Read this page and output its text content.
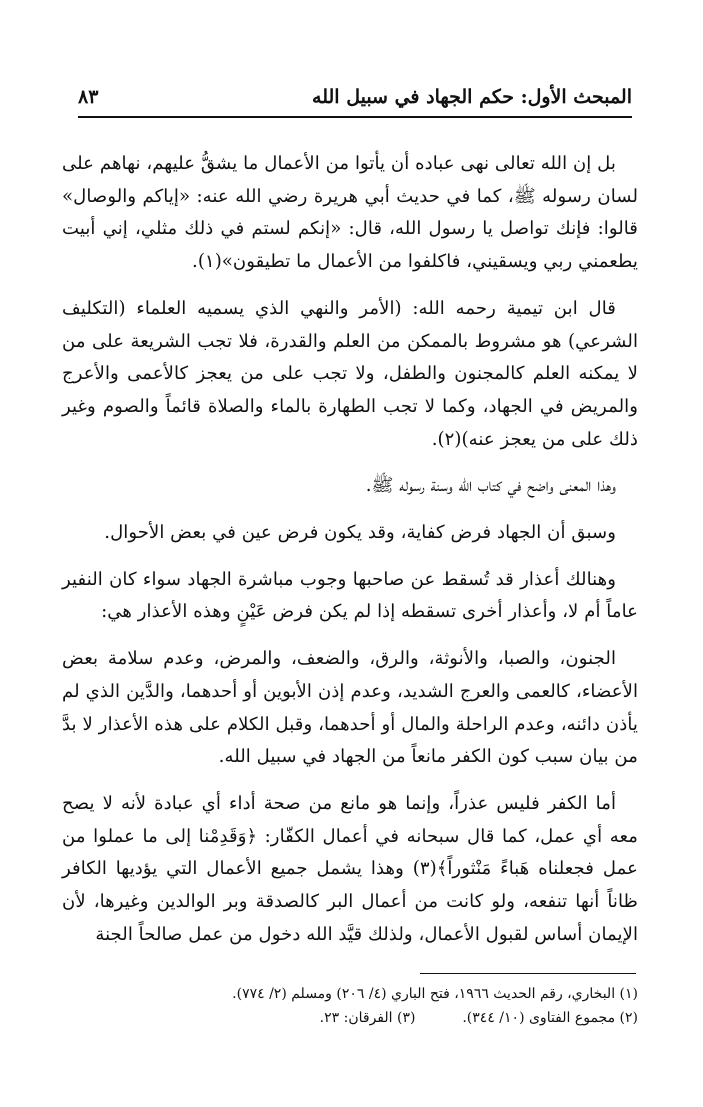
المبحث الأول: حكم الجهاد في سبيل الله
٨٣

بل إن الله تعالى نهى عباده أن يأتوا من الأعمال ما يشقُّ عليهم، نهاهم على لسان رسوله ﷺ، كما في حديث أبي هريرة رضي الله عنه: «إياكم والوصال» قالوا: فإنك تواصل يا رسول الله، قال: «إنكم لستم في ذلك مثلي، إني أبيت يطعمني ربي ويسقيني، فاكلفوا من الأعمال ما تطيقون»(١).

قال ابن تيمية رحمه الله: (الأمر والنهي الذي يسميه العلماء (التكليف الشرعي) هو مشروط بالممكن من العلم والقدرة، فلا تجب الشريعة على من لا يمكنه العلم كالمجنون والطفل، ولا تجب على من يعجز كالأعمى والأعرج والمريض في الجهاد، وكما لا تجب الطهارة بالماء والصلاة قائماً والصوم وغير ذلك على من يعجز عنه)(٢).

وهذا المعنى واضح في كتاب الله وسنة رسوله ﷺ.

وسبق أن الجهاد فرض كفاية، وقد يكون فرض عين في بعض الأحوال.

وهنالك أعذار قد تُسقط عن صاحبها وجوب مباشرة الجهاد سواء كان النفير عاماً أم لا، وأعذار أخرى تسقطه إذا لم يكن فرض عَيْنٍ وهذه الأعذار هي:

الجنون، والصبا، والأنوثة، والرق، والضعف، والمرض، وعدم سلامة بعض الأعضاء، كالعمى والعرج الشديد، وعدم إذن الأبوين أو أحدهما، والدَّين الذي لم يأذن دائنه، وعدم الراحلة والمال أو أحدهما، وقبل الكلام على هذه الأعذار لا بدَّ من بيان سبب كون الكفر مانعاً من الجهاد في سبيل الله.

أما الكفر فليس عذراً، وإنما هو مانع من صحة أداء أي عبادة لأنه لا يصح معه أي عمل، كما قال سبحانه في أعمال الكفّار: ﴿وَقَدِمْنا إلى ما عملوا من عمل فجعلناه هَباءً مَنْثوراً﴾(٣) وهذا يشمل جميع الأعمال التي يؤديها الكافر ظاناً أنها تنفعه، ولو كانت من أعمال البر كالصدقة وبر الوالدين وغيرها، لأن الإيمان أساس لقبول الأعمال، ولذلك قيَّد الله دخول من عمل صالحاً الجنة

(١) البخاري، رقم الحديث ١٩٦٦، فتح الباري (٤/ ٢٠٦) ومسلم (٢/ ٧٧٤).
(٢) مجموع الفتاوى (١٠/ ٣٤٤).  (٣) الفرقان: ٢٣.
